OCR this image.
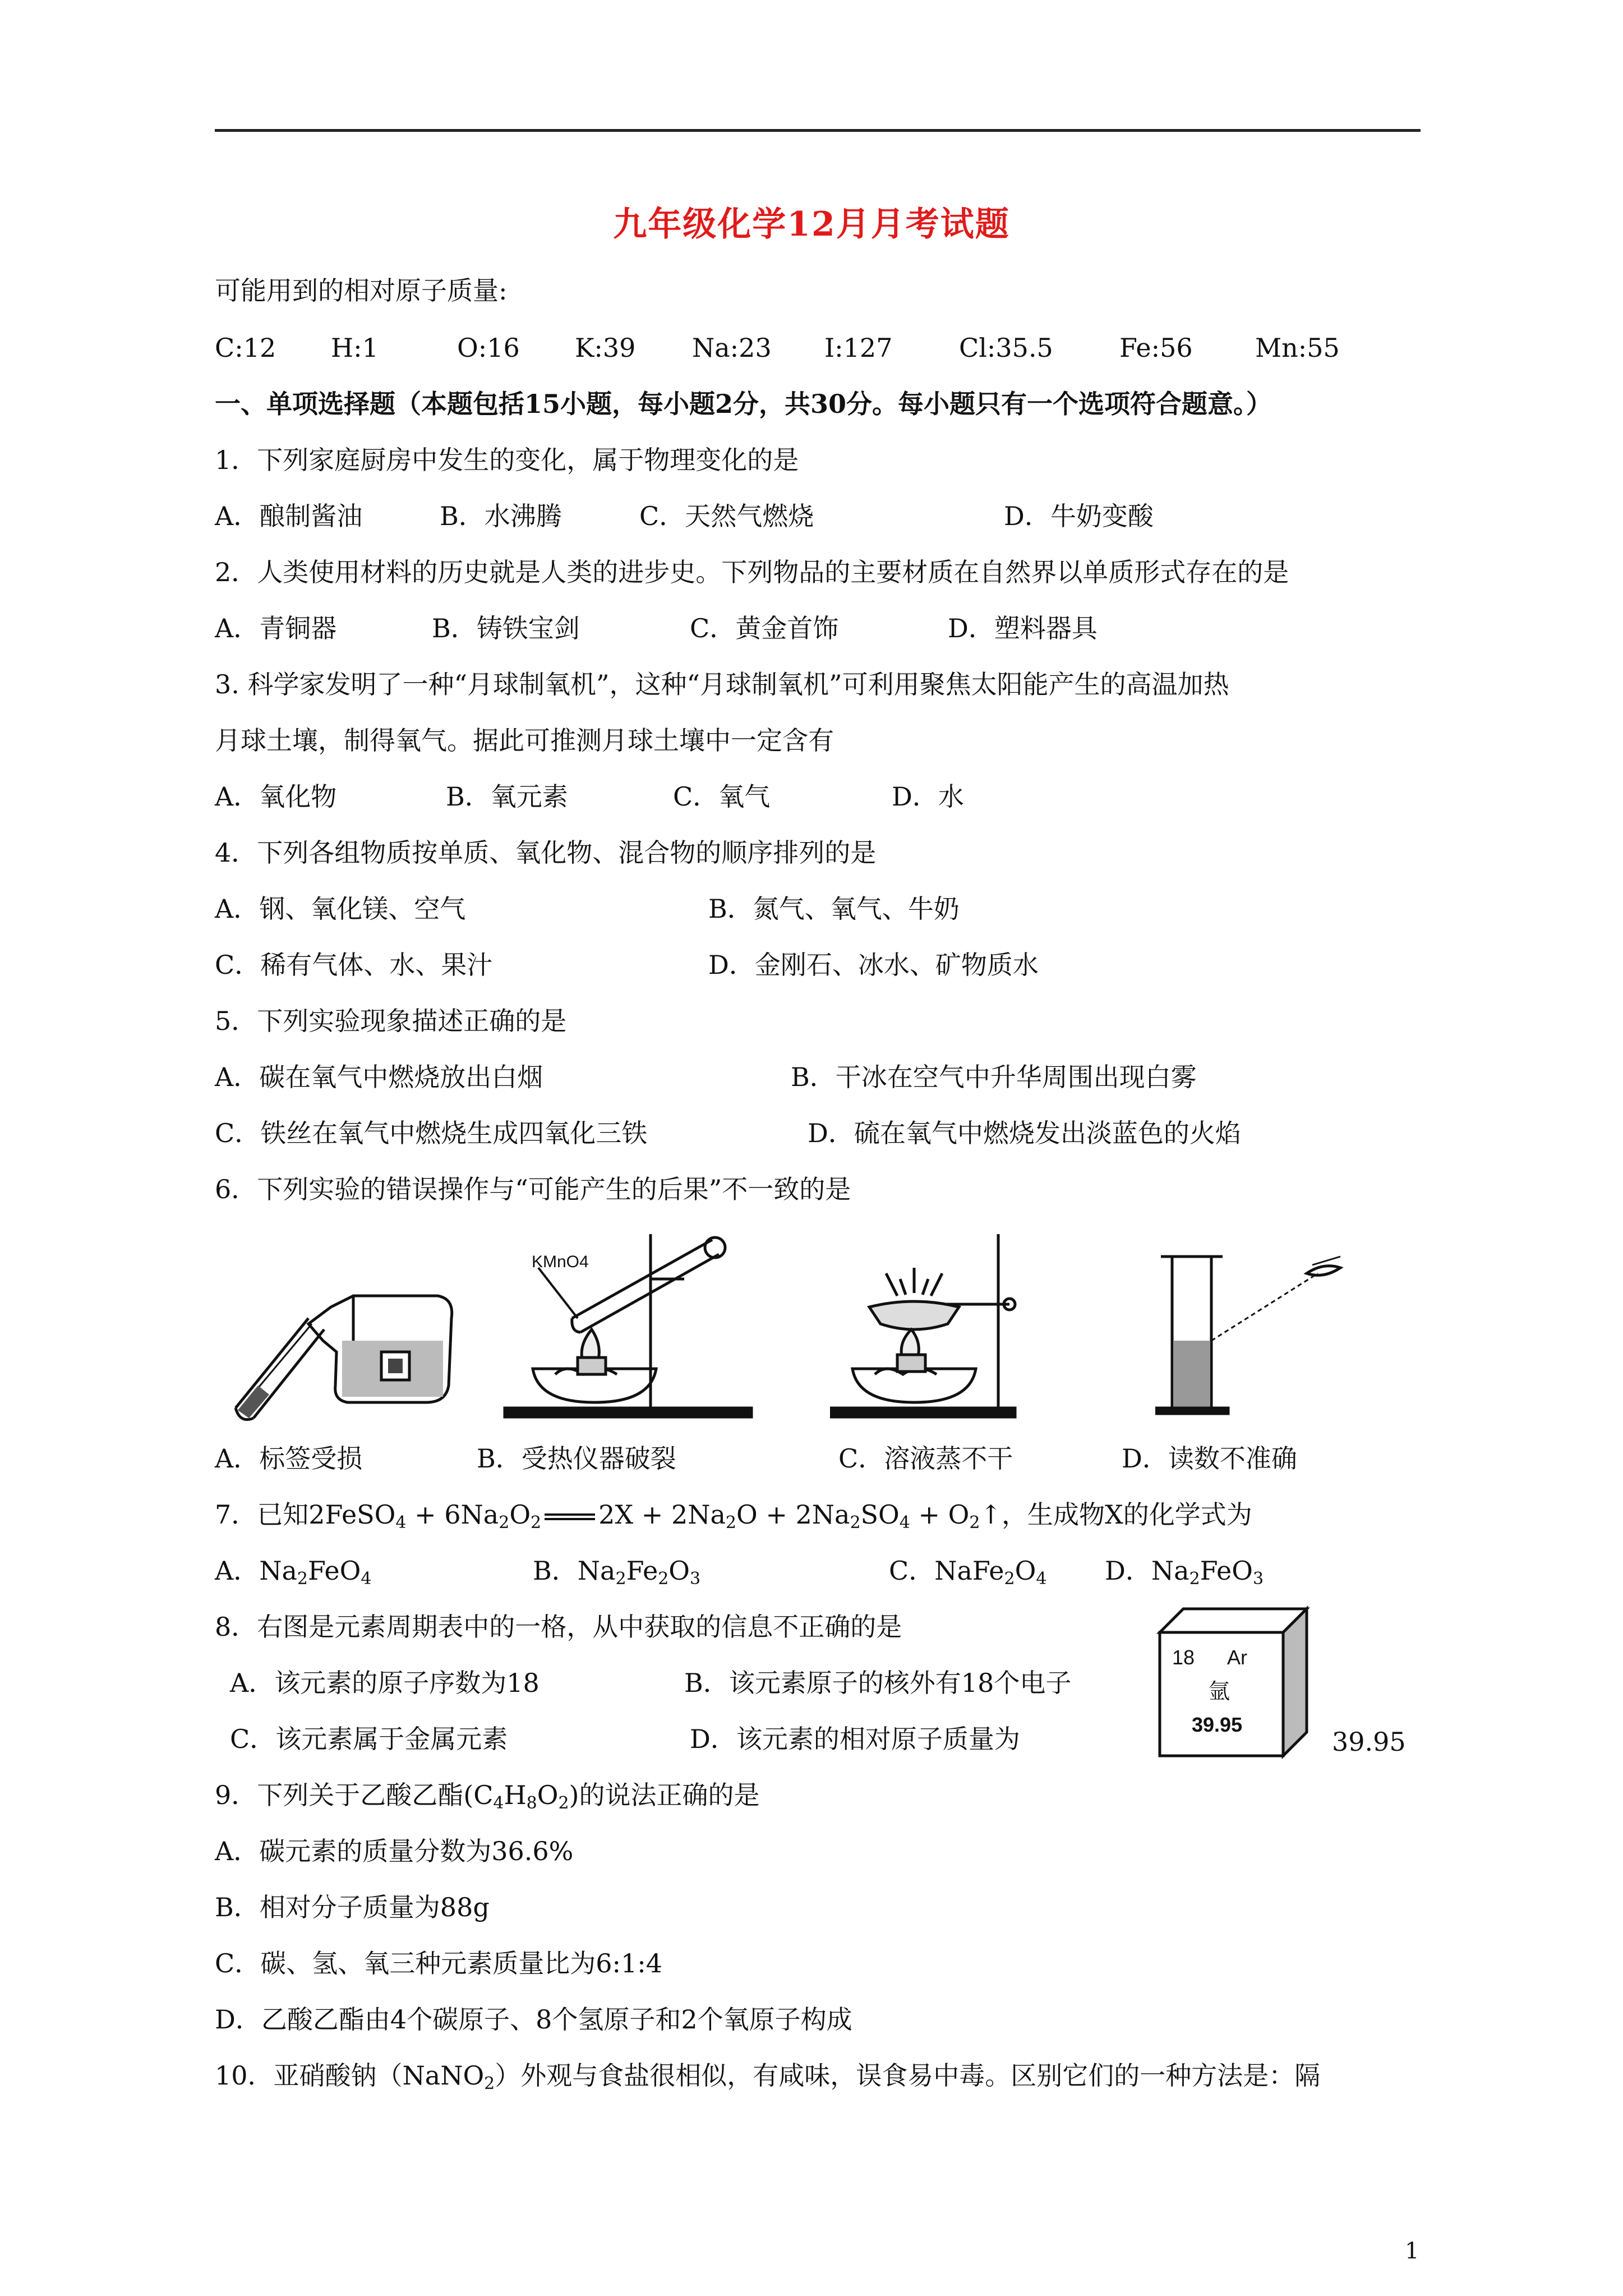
九年级化学12月月考试题
可能用到的相对原子质量:
C:12 H:1	O:16 K:39 Na:23 I:127	Cl:35.5	Fe:56 Mn:55
一、单项选择题（本题包括15小题，每小题2分，共30分。每小题只有一个选项符合题意。）
1．下列家庭厨房中发生的变化，属于物理变化的是
A．酿制酱油	B．水沸腾	C．天然气燃烧	D．牛奶变酸
2．人类使用材料的历史就是人类的进步史。下列物品的主要材质在自然界以单质形式存在的是
A．青铜器	B．铸铁宝剑	C．黄金首饰	D．塑料器具
3. 科学家发明了一种“月球制氧机”，这种“月球制氧机”可利用聚焦太阳能产生的高温加热
月球土壤，制得氧气。据此可推测月球土壤中一定含有
A．氧化物	B．氧元素	C．氧气	D．水
4．下列各组物质按单质、氧化物、混合物的顺序排列的是
A．钢、氧化镁、空气	B．氮气、氧气、牛奶
C．稀有气体、水、果汁	D．金刚石、冰水、矿物质水
5．下列实验现象描述正确的是
A．碳在氧气中燃烧放出白烟	B．干冰在空气中升华周围出现白雾
C．铁丝在氧气中燃烧生成四氧化三铁	D．硫在氧气中燃烧发出淡蓝色的火焰
6．下列实验的错误操作与“可能产生的后果”不一致的是
KMnO4
A．标签受损	B．受热仪器破裂	C．溶液蒸不干	D．读数不准确
7．已知2FeSO$_4$ + $6Na_2O_2$ $2X + 2Na_2O + 2Na_2SO_4$ + $O_2↑$，生成物X的化学式为
A．$Na_2FeO_4$	B．$Na_2Fe_2O_3$	C．$NaFe_2O_4$ D．$Na_2FeO_3$
8．右图是元素周期表中的一格，从中获取的信息不正确的是
A．该元素的原子序数为18	B．该元素原子的核外有18个电子
C．该元素属于金属元素	D．该元素的相对原子质量为	39.95
18 Ar
氩
39.95
9．下列关于乙酸乙酯$(C_4H_8O_2)$的说法正确的是
A．碳元素的质量分数为36.6%
B．相对分子质量为88g
C．碳、氢、氧三种元素质量比为6:1:4
D．乙酸乙酯由4个碳原子、8个氢原子和2个氧原子构成
10．亚硝酸钠（NaNO$_2$）外观与食盐很相似，有咸味，误食易中毒。区别它们的一种方法是：隔
1
